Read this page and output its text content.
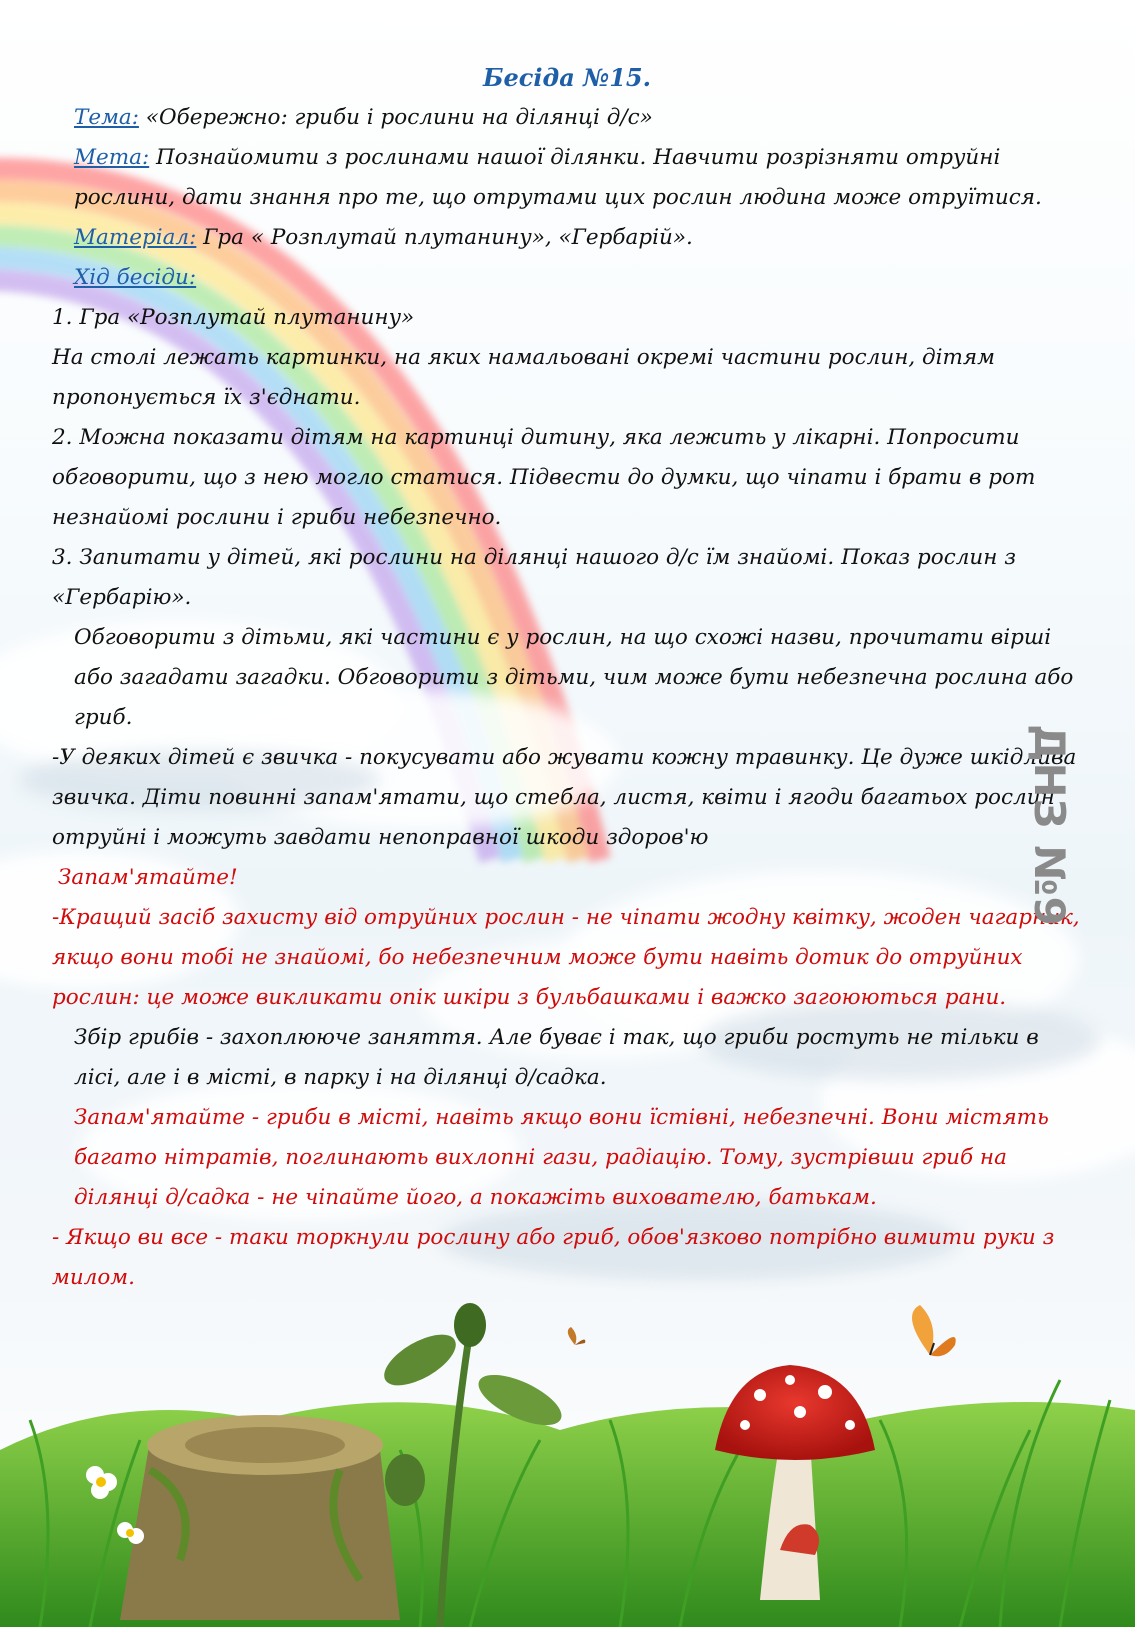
Бесіда №15.

Тема: «Обережно: гриби і рослини на ділянці д/с»

Мета: Познайомити з рослинами нашої ділянки. Навчити розрізняти отруйні рослини, дати знання про те, що отрутами цих рослин людина може отруїтися.

Матеріал: Гра « Розплутай плутанину», «Гербарій».

Хід бесіди:

1. Гра «Розплутай плутанину»

На столі лежать картинки, на яких намальовані окремі частини рослин, дітям пропонується їх з'єднати.

2. Можна показати дітям на картинці дитину, яка лежить у лікарні. Попросити обговорити, що з нею могло статися. Підвести до думки, що чіпати і брати в рот незнайомі рослини і гриби небезпечно.

3. Запитати у дітей, які рослини на ділянці нашого д/с їм знайомі. Показ рослин з «Гербарію».

Обговорити з дітьми, які частини є у рослин, на що схожі назви, прочитати вірші або загадати загадки. Обговорити з дітьми, чим може бути небезпечна рослина або гриб.

-У деяких дітей є звичка - покусувати або жувати кожну травинку. Це дуже шкідлива звичка. Діти повинні запам'ятати, що стебла, листя, квіти і ягоди багатьох рослин отруйні і можуть завдати непоправної шкоди здоров'ю

Запам'ятайте!

-Кращий засіб захисту від отруйних рослин - не чіпати жодну квітку, жоден чагарник, якщо вони тобі не знайомі, бо небезпечним може бути навіть дотик до отруйних рослин: це може викликати опік шкіри з бульбашками і важко загоюються рани.

Збір грибів - захоплююче заняття. Але буває і так, що гриби ростуть не тільки в лісі, але і в місті, в парку і на ділянці д/садка.

Запам'ятайте - гриби в місті, навіть якщо вони їстівні, небезпечні. Вони містять багато нітратів, поглинають вихлопні гази, радіацію. Тому, зустрівши гриб на ділянці д/садка - не чіпайте його, а покажіть вихователю, батькам.

- Якщо ви все - таки торкнули рослину або гриб, обов'язково потрібно вимити руки з милом.

ДНЗ №9
